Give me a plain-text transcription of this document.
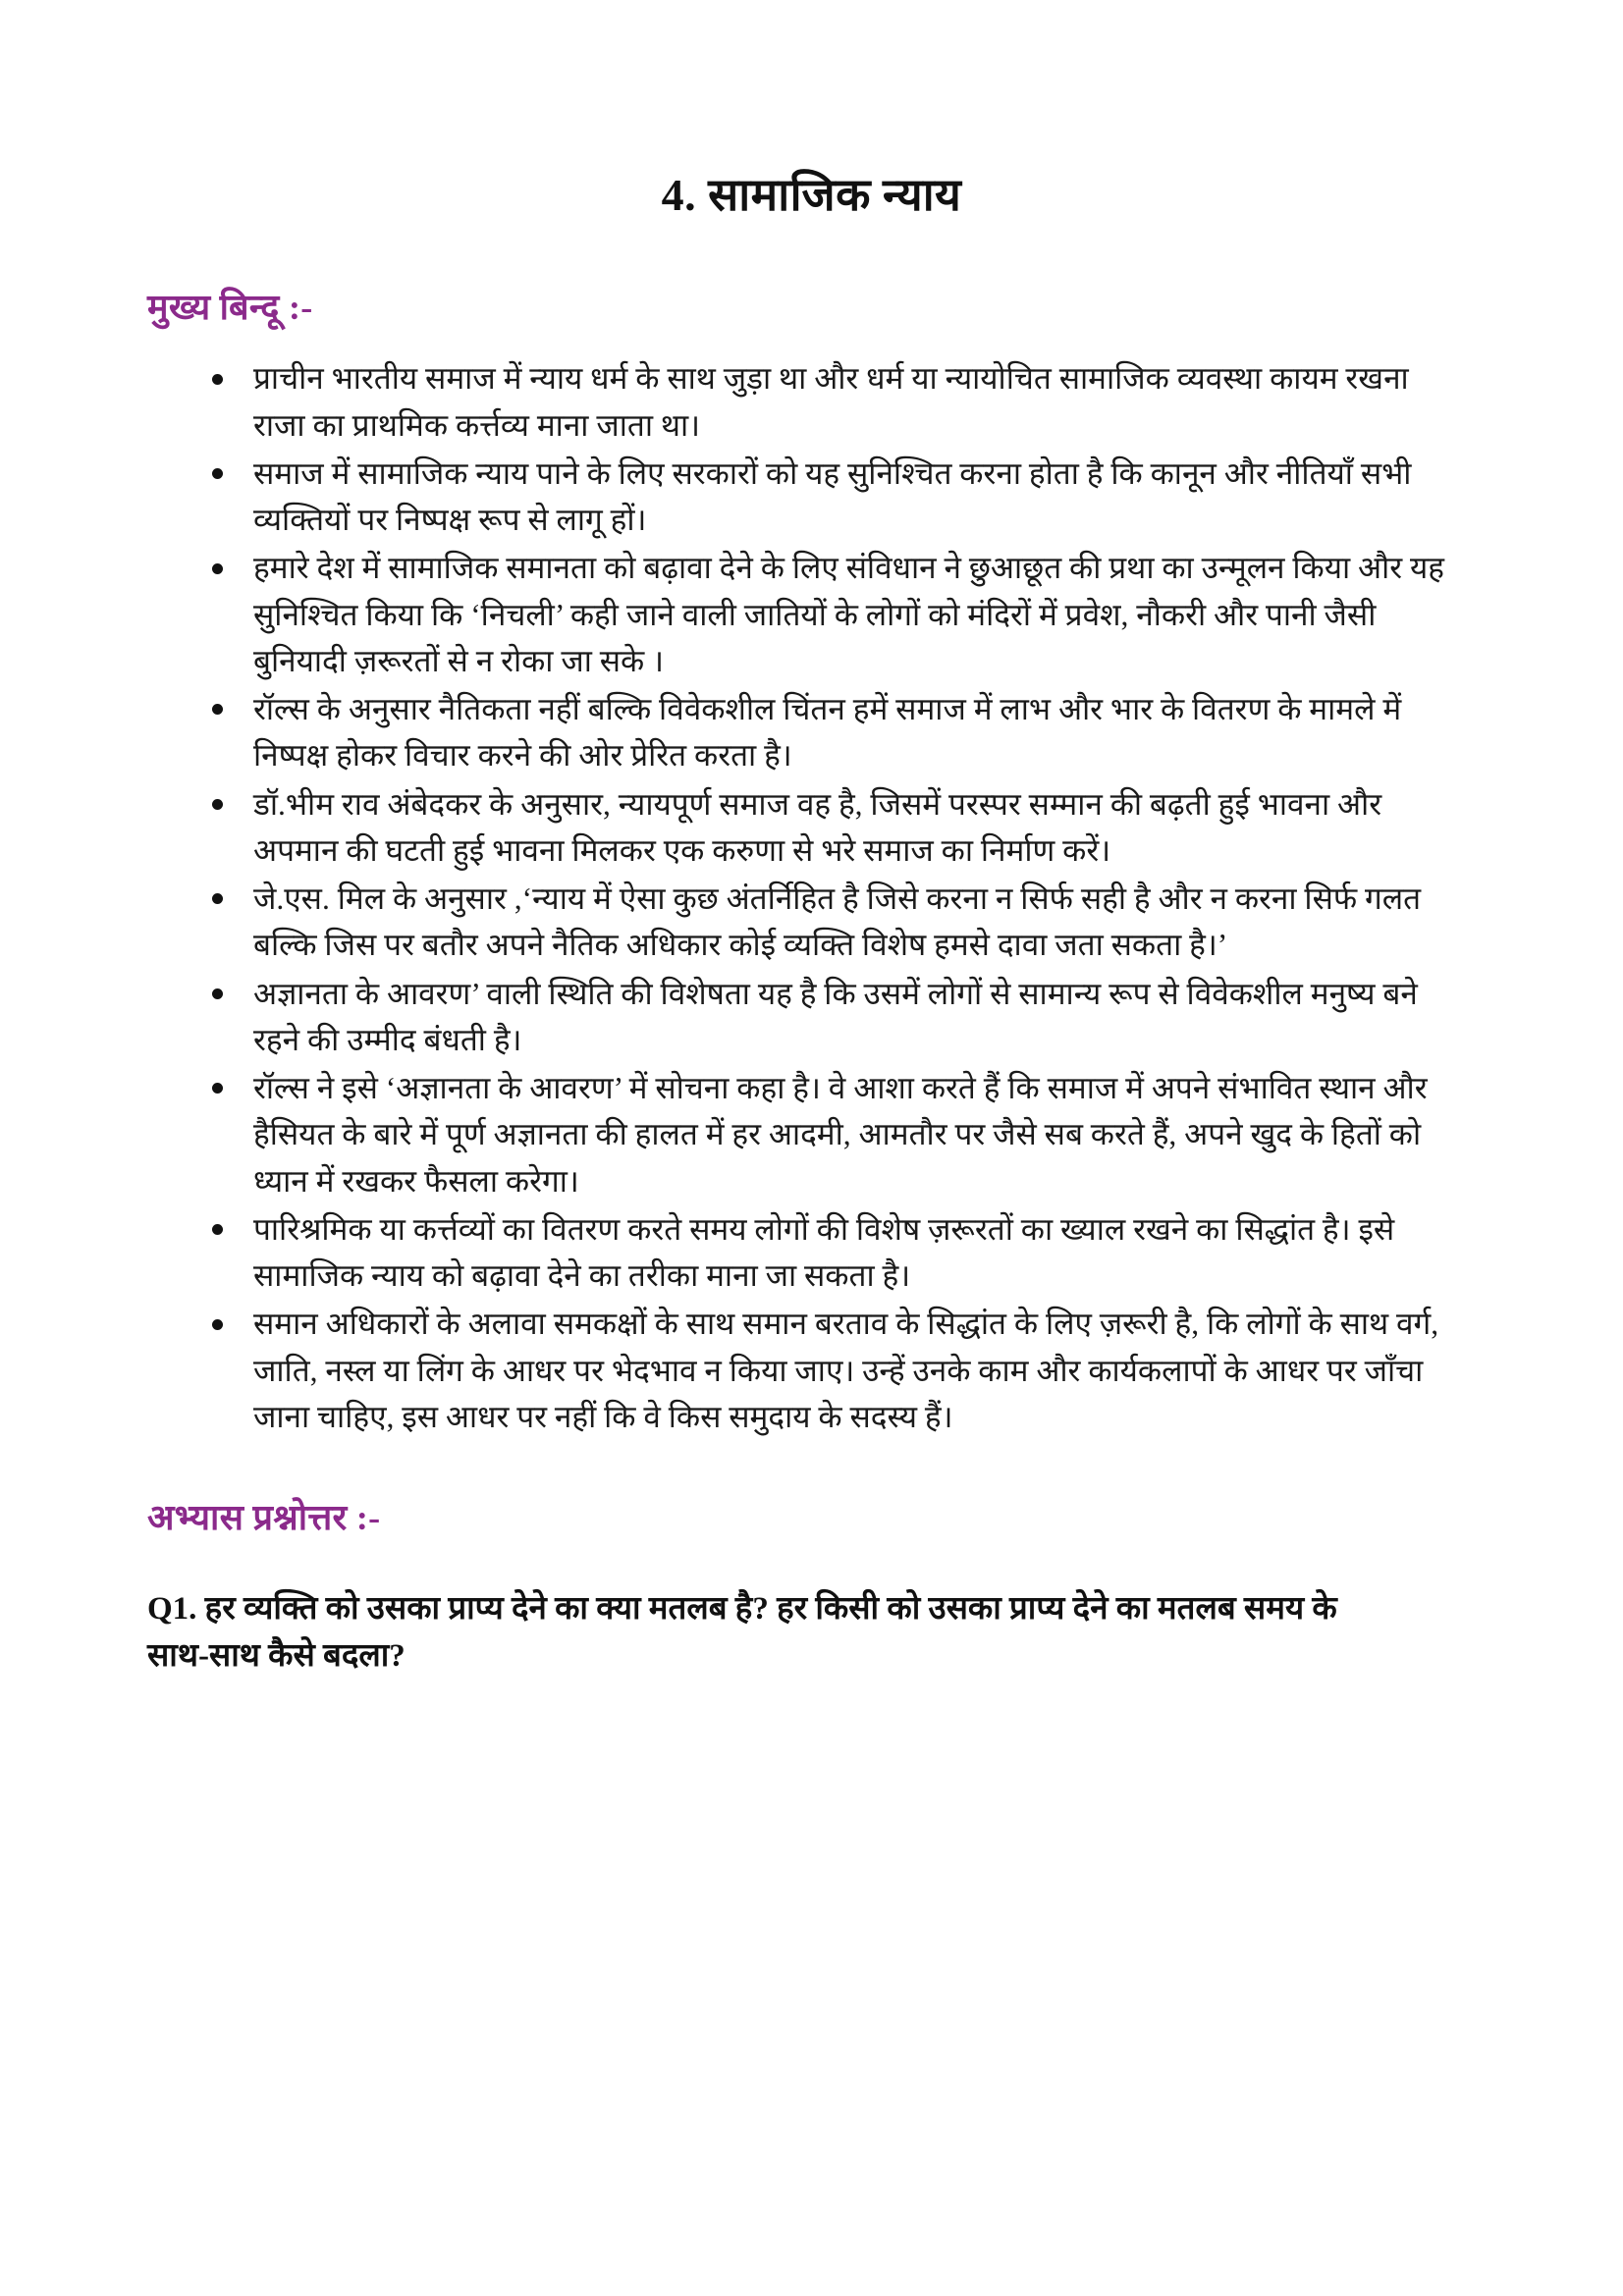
4. सामाजिक न्याय
मुख्य बिन्दू :-
प्राचीन भारतीय समाज में न्याय धर्म के साथ जुड़ा था और धर्म या न्यायोचित सामाजिक व्यवस्था कायम रखना राजा का प्राथमिक कर्त्तव्य माना जाता था।
समाज में सामाजिक न्याय पाने के लिए सरकारों को यह सुनिश्चित करना होता है कि कानून और नीतियाँ सभी व्यक्तियों पर निष्पक्ष रूप से लागू हों।
हमारे देश में सामाजिक समानता को बढ़ावा देने के लिए संविधान ने छुआछूत की प्रथा का उन्मूलन किया और यह सुनिश्चित किया कि ‘निचली’ कही जाने वाली जातियों के लोगों को मंदिरों में प्रवेश, नौकरी और पानी जैसी बुनियादी ज़रूरतों से न रोका जा सके ।
रॉल्स के अनुसार नैतिकता नहीं बल्कि विवेकशील चिंतन हमें समाज में लाभ और भार के वितरण के मामले में निष्पक्ष होकर विचार करने की ओर प्रेरित करता है।
डॉ.भीम राव अंबेदकर के अनुसार, न्यायपूर्ण समाज वह है, जिसमें परस्पर सम्मान की बढ़ती हुई भावना और अपमान की घटती हुई भावना मिलकर एक करुणा से भरे समाज का निर्माण करें।
जे.एस. मिल के अनुसार ,‘न्याय में ऐसा कुछ अंतर्निहित है जिसे करना न सिर्फ सही है और न करना सिर्फ गलत बल्कि जिस पर बतौर अपने नैतिक अधिकार कोई व्यक्ति विशेष हमसे दावा जता सकता है।’
अज्ञानता के आवरण’ वाली स्थिति की विशेषता यह है कि उसमें लोगों से सामान्य रूप से विवेकशील मनुष्य बने रहने की उम्मीद बंधती है।
रॉल्स ने इसे ‘अज्ञानता के आवरण’ में सोचना कहा है। वे आशा करते हैं कि समाज में अपने संभावित स्थान और हैसियत के बारे में पूर्ण अज्ञानता की हालत में हर आदमी, आमतौर पर जैसे सब करते हैं, अपने खुद के हितों को ध्यान में रखकर फैसला करेगा।
पारिश्रमिक या कर्त्तव्यों का वितरण करते समय लोगों की विशेष ज़रूरतों का ख्याल रखने का सिद्धांत है। इसे सामाजिक न्याय को बढ़ावा देने का तरीका माना जा सकता है।
समान अधिकारों के अलावा समकक्षों के साथ समान बरताव के सिद्धांत के लिए ज़रूरी है, कि लोगों के साथ वर्ग, जाति, नस्ल या लिंग के आधर पर भेदभाव न किया जाए। उन्हें उनके काम और कार्यकलापों के आधर पर जाँचा जाना चाहिए, इस आधर पर नहीं कि वे किस समुदाय के सदस्य हैं।
अभ्यास प्रश्नोत्तर :-

Q1. हर व्यक्ति को उसका प्राप्य देने का क्या मतलब है? हर किसी को उसका प्राप्य देने का मतलब समय के साथ-साथ कैसे बदला?
